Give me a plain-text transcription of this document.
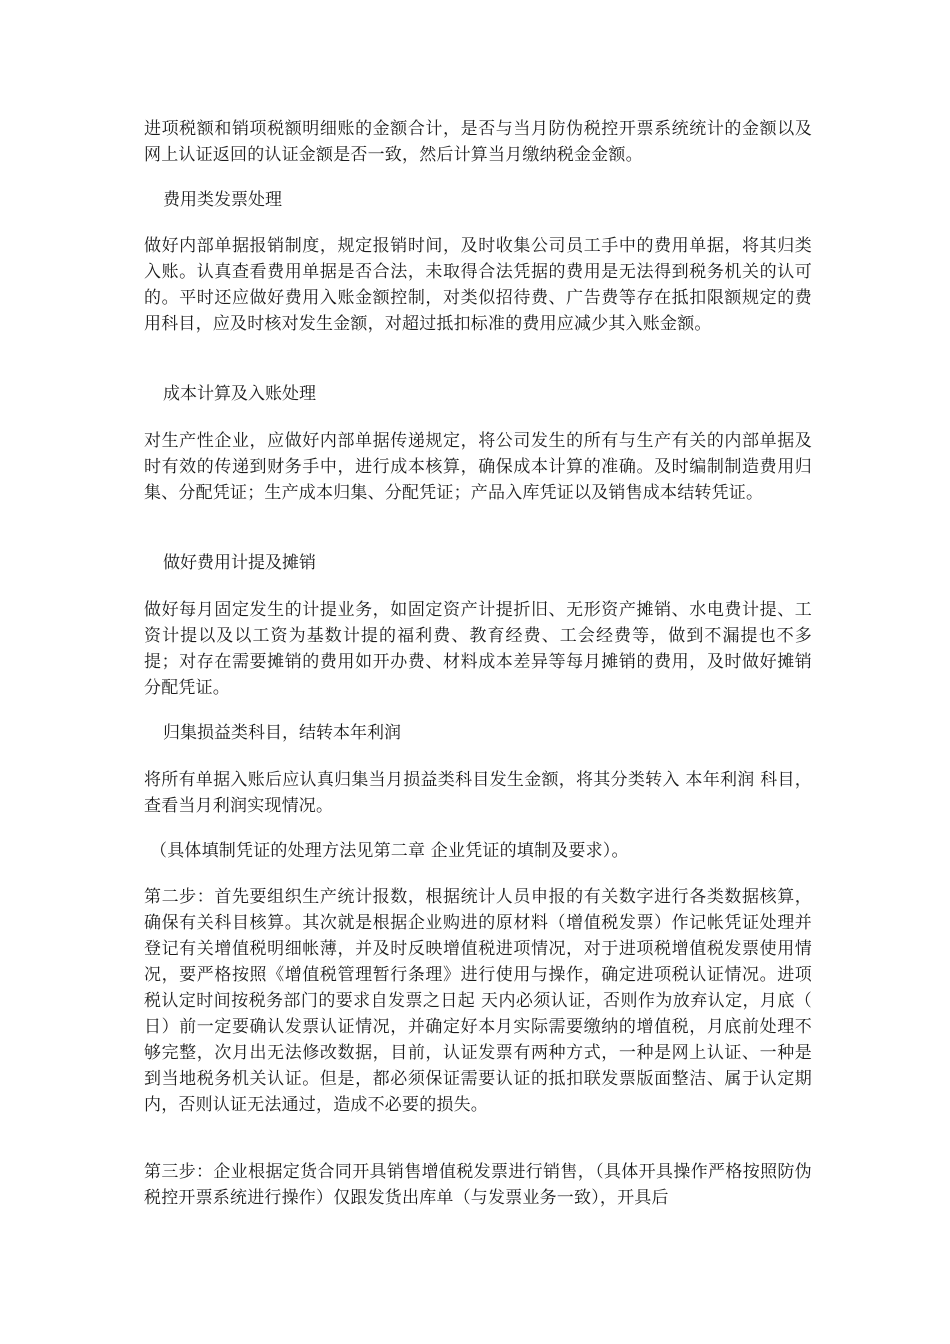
进项税额和销项税额明细账的金额合计，是否与当月防伪税控开票系统统计的金额以及网上认证返回的认证金额是否一致，然后计算当月缴纳税金金额。
费用类发票处理
做好内部单据报销制度，规定报销时间，及时收集公司员工手中的费用单据，将其归类入账。认真查看费用单据是否合法，未取得合法凭据的费用是无法得到税务机关的认可的。平时还应做好费用入账金额控制，对类似招待费、广告费等存在抵扣限额规定的费用科目，应及时核对发生金额，对超过抵扣标准的费用应减少其入账金额。
成本计算及入账处理
对生产性企业，应做好内部单据传递规定，将公司发生的所有与生产有关的内部单据及时有效的传递到财务手中，进行成本核算，确保成本计算的准确。及时编制制造费用归集、分配凭证；生产成本归集、分配凭证；产品入库凭证以及销售成本结转凭证。
做好费用计提及摊销
做好每月固定发生的计提业务，如固定资产计提折旧、无形资产摊销、水电费计提、工资计提以及以工资为基数计提的福利费、教育经费、工会经费等，做到不漏提也不多提；对存在需要摊销的费用如开办费、材料成本差异等每月摊销的费用，及时做好摊销分配凭证。
归集损益类科目，结转本年利润
将所有单据入账后应认真归集当月损益类科目发生金额，将其分类转入 本年利润 科目，查看当月利润实现情况。
（具体填制凭证的处理方法见第二章 企业凭证的填制及要求）。
第二步：首先要组织生产统计报数，根据统计人员申报的有关数字进行各类数据核算，确保有关科目核算。其次就是根据企业购进的原材料（增值税发票）作记帐凭证处理并登记有关增值税明细帐薄，并及时反映增值税进项情况，对于进项税增值税发票使用情况，要严格按照《增值税管理暂行条理》进行使用与操作，确定进项税认证情况。进项税认定时间按税务部门的要求自发票之日起 天内必须认证，否则作为放弃认定，月底（ 日）前一定要确认发票认证情况，并确定好本月实际需要缴纳的增值税，月底前处理不够完整，次月出无法修改数据，目前，认证发票有两种方式，一种是网上认证、一种是到当地税务机关认证。但是，都必须保证需要认证的抵扣联发票版面整洁、属于认定期内，否则认证无法通过，造成不必要的损失。
第三步：企业根据定货合同开具销售增值税发票进行销售，（具体开具操作严格按照防伪税控开票系统进行操作）仅跟发货出库单（与发票业务一致），开具后
